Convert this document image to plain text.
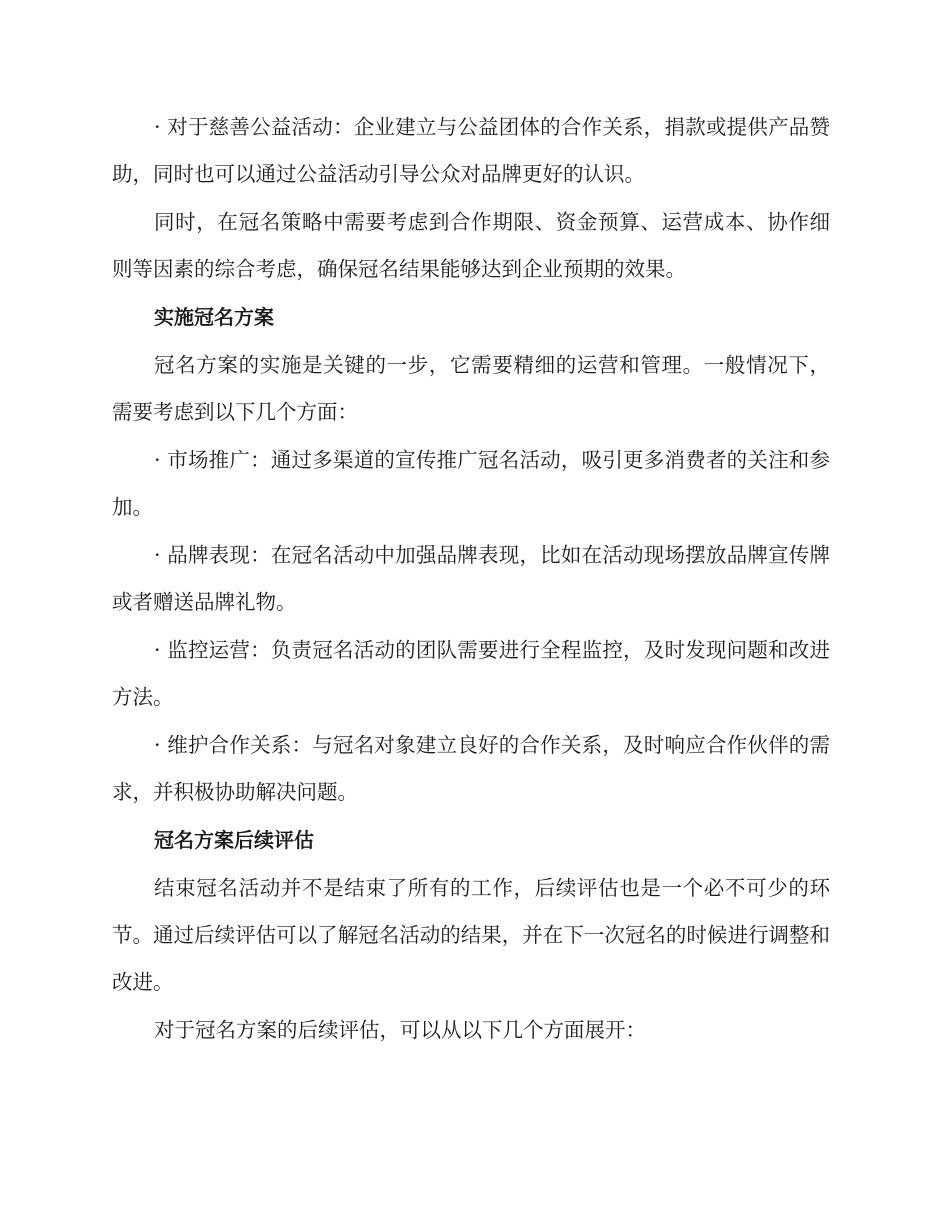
· 对于慈善公益活动：企业建立与公益团体的合作关系，捐款或提供产品赞助，同时也可以通过公益活动引导公众对品牌更好的认识。

同时，在冠名策略中需要考虑到合作期限、资金预算、运营成本、协作细则等因素的综合考虑，确保冠名结果能够达到企业预期的效果。

实施冠名方案

冠名方案的实施是关键的一步，它需要精细的运营和管理。一般情况下，需要考虑到以下几个方面：

· 市场推广：通过多渠道的宣传推广冠名活动，吸引更多消费者的关注和参加。

· 品牌表现：在冠名活动中加强品牌表现，比如在活动现场摆放品牌宣传牌或者赠送品牌礼物。

· 监控运营：负责冠名活动的团队需要进行全程监控，及时发现问题和改进方法。

· 维护合作关系：与冠名对象建立良好的合作关系，及时响应合作伙伴的需求，并积极协助解决问题。

冠名方案后续评估

结束冠名活动并不是结束了所有的工作，后续评估也是一个必不可少的环节。通过后续评估可以了解冠名活动的结果，并在下一次冠名的时候进行调整和改进。

对于冠名方案的后续评估，可以从以下几个方面展开：
